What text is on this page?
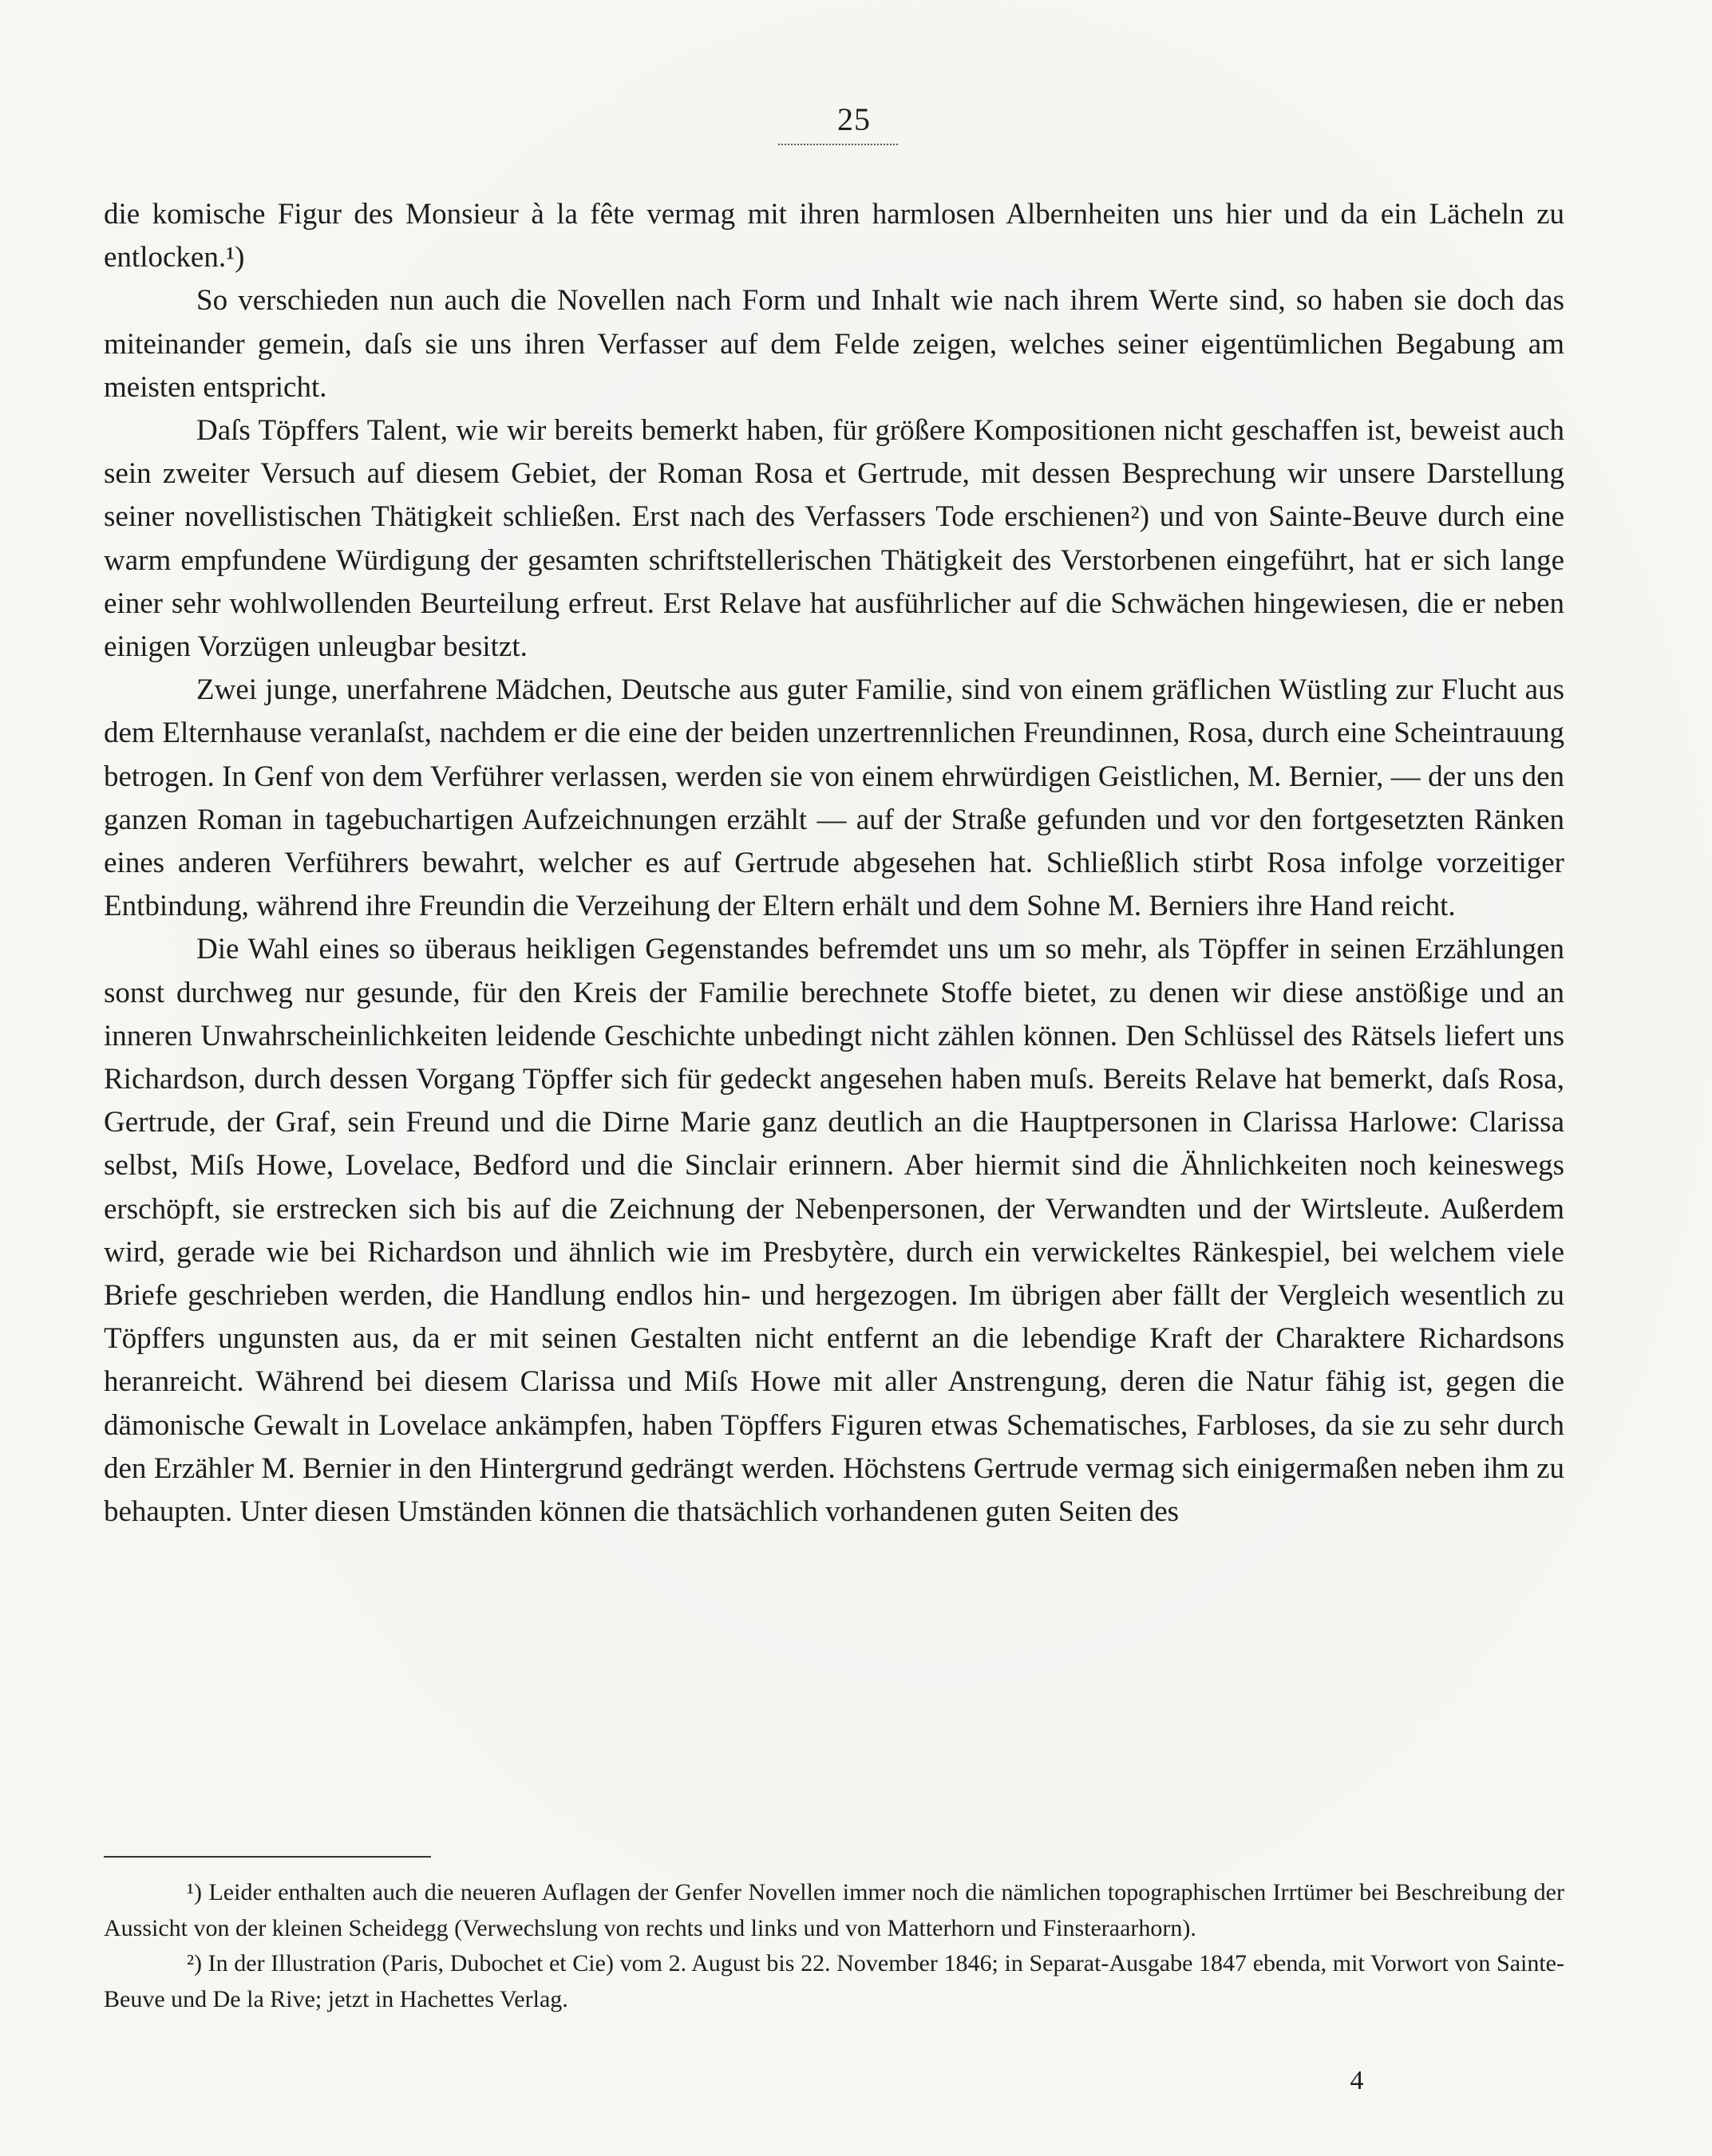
25

die komische Figur des Monsieur à la fête vermag mit ihren harmlosen Albernheiten uns hier und da ein Lächeln zu entlocken.¹)

So verschieden nun auch die Novellen nach Form und Inhalt wie nach ihrem Werte sind, so haben sie doch das miteinander gemein, daſs sie uns ihren Verfasser auf dem Felde zeigen, welches seiner eigentümlichen Begabung am meisten entspricht.

Daſs Töpffers Talent, wie wir bereits bemerkt haben, für größere Kompositionen nicht geschaffen ist, beweist auch sein zweiter Versuch auf diesem Gebiet, der Roman Rosa et Gertrude, mit dessen Besprechung wir unsere Darstellung seiner novellistischen Thätigkeit schließen. Erst nach des Verfassers Tode erschienen²) und von Sainte-Beuve durch eine warm empfundene Würdigung der gesamten schriftstellerischen Thätigkeit des Verstorbenen eingeführt, hat er sich lange einer sehr wohlwollenden Beurteilung erfreut. Erst Relave hat ausführlicher auf die Schwächen hingewiesen, die er neben einigen Vorzügen unleugbar besitzt.

Zwei junge, unerfahrene Mädchen, Deutsche aus guter Familie, sind von einem gräflichen Wüstling zur Flucht aus dem Elternhause veranlaſst, nachdem er die eine der beiden unzertrennlichen Freundinnen, Rosa, durch eine Scheintrauung betrogen. In Genf von dem Verführer verlassen, werden sie von einem ehrwürdigen Geistlichen, M. Bernier, — der uns den ganzen Roman in tagebuchartigen Aufzeichnungen erzählt — auf der Straße gefunden und vor den fortgesetzten Ränken eines anderen Verführers bewahrt, welcher es auf Gertrude abgesehen hat. Schließlich stirbt Rosa infolge vorzeitiger Entbindung, während ihre Freundin die Verzeihung der Eltern erhält und dem Sohne M. Berniers ihre Hand reicht.

Die Wahl eines so überaus heikligen Gegenstandes befremdet uns um so mehr, als Töpffer in seinen Erzählungen sonst durchweg nur gesunde, für den Kreis der Familie berechnete Stoffe bietet, zu denen wir diese anstößige und an inneren Unwahrscheinlichkeiten leidende Geschichte unbedingt nicht zählen können. Den Schlüssel des Rätsels liefert uns Richardson, durch dessen Vorgang Töpffer sich für gedeckt angesehen haben muſs. Bereits Relave hat bemerkt, daſs Rosa, Gertrude, der Graf, sein Freund und die Dirne Marie ganz deutlich an die Hauptpersonen in Clarissa Harlowe: Clarissa selbst, Miſs Howe, Lovelace, Bedford und die Sinclair erinnern. Aber hiermit sind die Ähnlichkeiten noch keineswegs erschöpft, sie erstrecken sich bis auf die Zeichnung der Nebenpersonen, der Verwandten und der Wirtsleute. Außerdem wird, gerade wie bei Richardson und ähnlich wie im Presbytère, durch ein verwickeltes Ränkespiel, bei welchem viele Briefe geschrieben werden, die Handlung endlos hin- und hergezogen. Im übrigen aber fällt der Vergleich wesentlich zu Töpffers ungunsten aus, da er mit seinen Gestalten nicht entfernt an die lebendige Kraft der Charaktere Richardsons heranreicht. Während bei diesem Clarissa und Miſs Howe mit aller Anstrengung, deren die Natur fähig ist, gegen die dämonische Gewalt in Lovelace ankämpfen, haben Töpffers Figuren etwas Schematisches, Farbloses, da sie zu sehr durch den Erzähler M. Bernier in den Hintergrund gedrängt werden. Höchstens Gertrude vermag sich einigermaßen neben ihm zu behaupten. Unter diesen Umständen können die thatsächlich vorhandenen guten Seiten des

¹) Leider enthalten auch die neueren Auflagen der Genfer Novellen immer noch die nämlichen topographischen Irrtümer bei Beschreibung der Aussicht von der kleinen Scheidegg (Verwechslung von rechts und links und von Matterhorn und Finsteraarhorn).

²) In der Illustration (Paris, Dubochet et Cie) vom 2. August bis 22. November 1846; in Separat-Ausgabe 1847 ebenda, mit Vorwort von Sainte-Beuve und De la Rive; jetzt in Hachettes Verlag.

4
